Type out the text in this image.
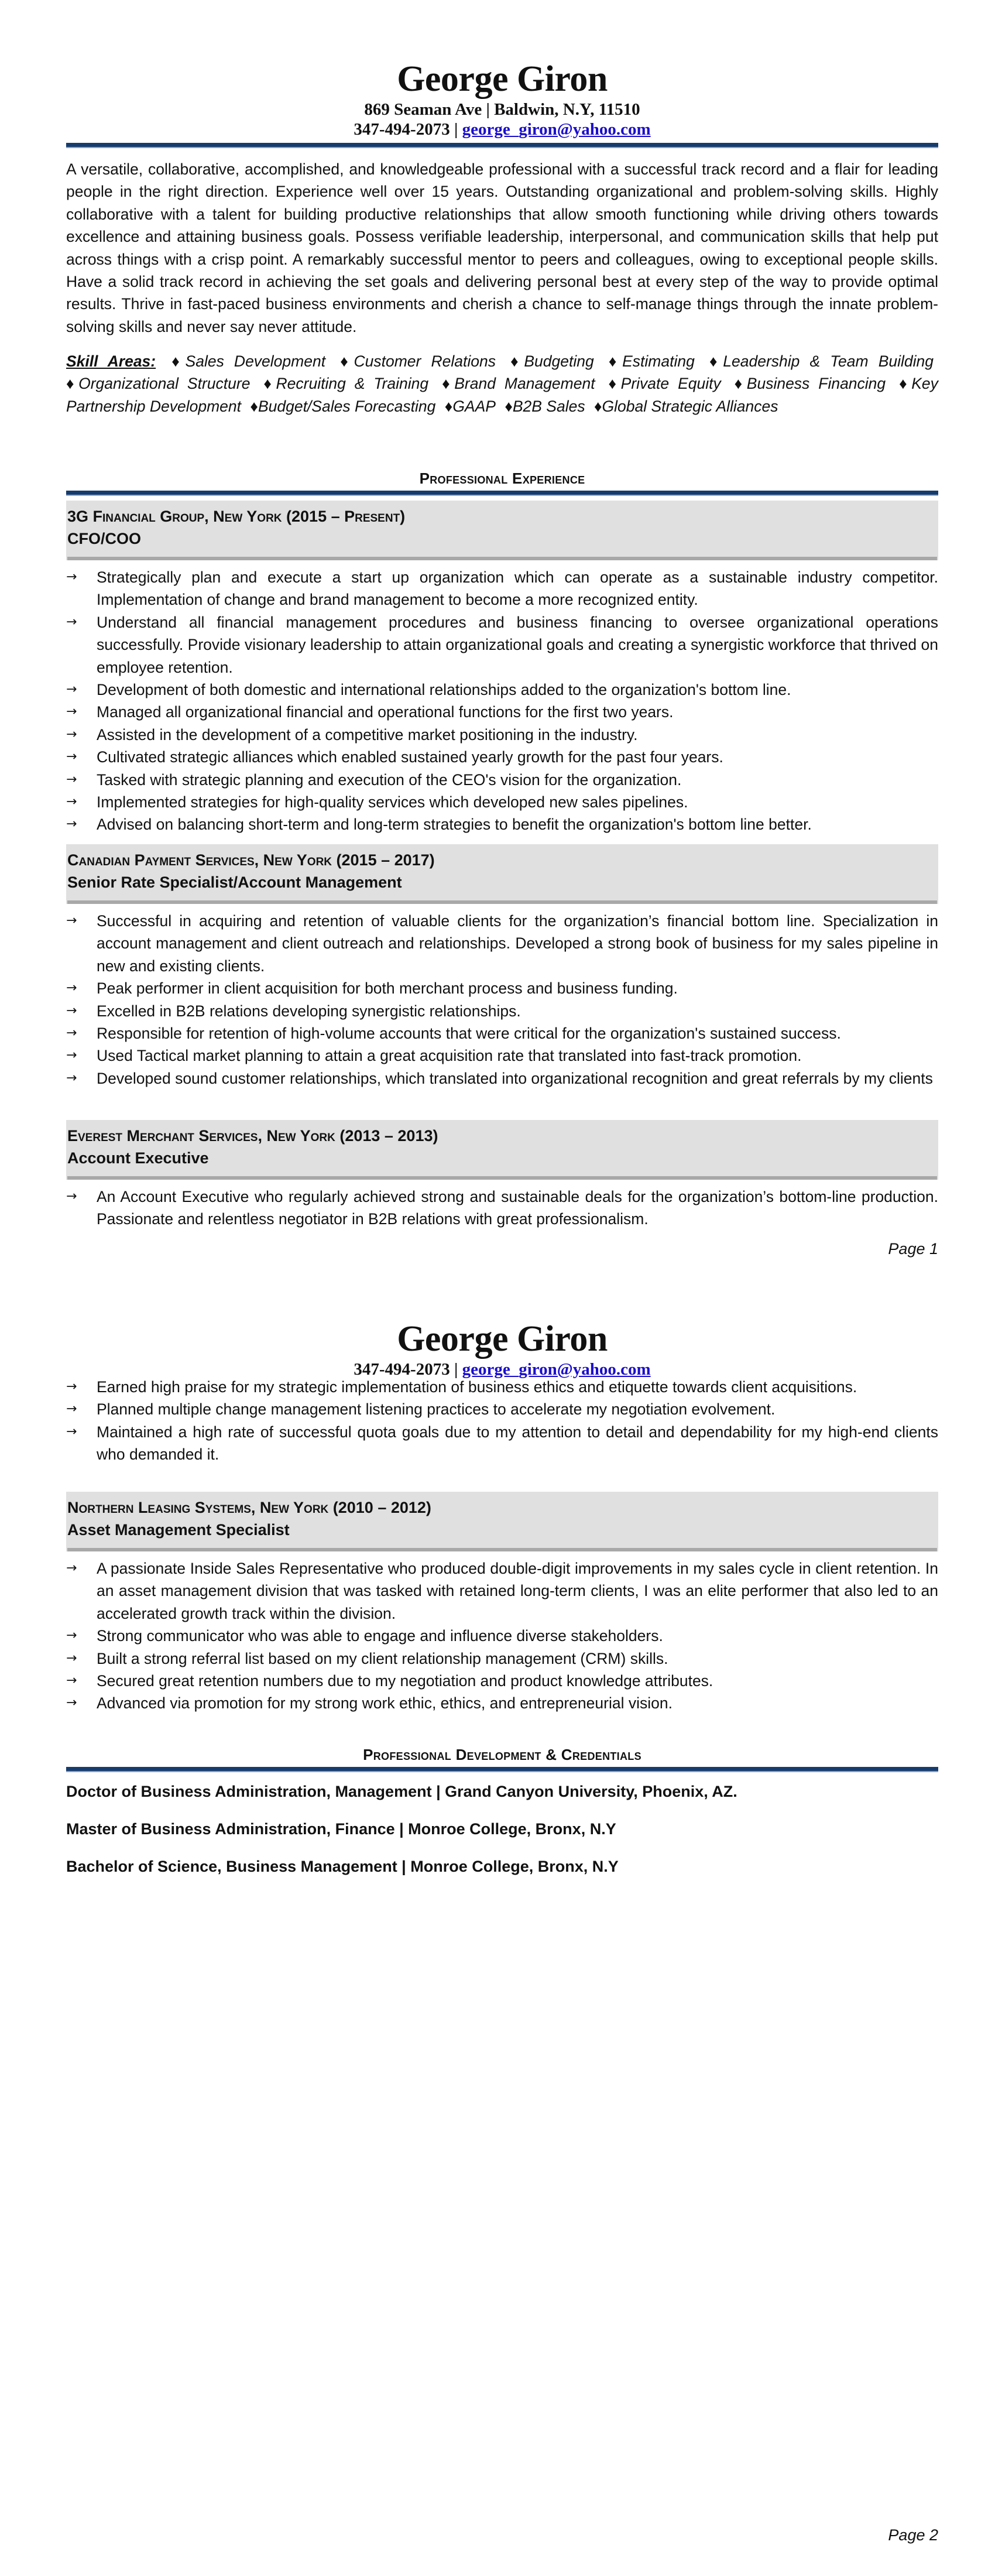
George Giron
869 Seaman Ave | Baldwin, N.Y, 11510
347-494-2073 | george_giron@yahoo.com

A versatile, collaborative, accomplished, and knowledgeable professional with a successful track record and a flair for leading people in the right direction. Experience well over 15 years. Outstanding organizational and problem-solving skills. Highly collaborative with a talent for building productive relationships that allow smooth functioning while driving others towards excellence and attaining business goals. Possess verifiable leadership, interpersonal, and communication skills that help put across things with a crisp point. A remarkably successful mentor to peers and colleagues, owing to exceptional people skills. Have a solid track record in achieving the set goals and delivering personal best at every step of the way to provide optimal results. Thrive in fast-paced business environments and cherish a chance to self-manage things through the innate problem-solving skills and never say never attitude.

Skill Areas: ♦Sales Development ♦Customer Relations ♦Budgeting ♦Estimating ♦Leadership & Team Building ♦Organizational Structure ♦Recruiting & Training ♦Brand Management ♦Private Equity ♦Business Financing ♦Key Partnership Development ♦Budget/Sales Forecasting ♦GAAP ♦B2B Sales ♦Global Strategic Alliances

Professional Experience
3G Financial Group, New York (2015 – Present)
CFO/COO
→ Strategically plan and execute a start up organization which can operate as a sustainable industry competitor. Implementation of change and brand management to become a more recognized entity.
→ Understand all financial management procedures and business financing to oversee organizational operations successfully. Provide visionary leadership to attain organizational goals and creating a synergistic workforce that thrived on employee retention.
→ Development of both domestic and international relationships added to the organization's bottom line.
→ Managed all organizational financial and operational functions for the first two years.
→ Assisted in the development of a competitive market positioning in the industry.
→ Cultivated strategic alliances which enabled sustained yearly growth for the past four years.
→ Tasked with strategic planning and execution of the CEO's vision for the organization.
→ Implemented strategies for high-quality services which developed new sales pipelines.
→ Advised on balancing short-term and long-term strategies to benefit the organization's bottom line better.
Canadian Payment Services, New York (2015 – 2017)
Senior Rate Specialist/Account Management
→ Successful in acquiring and retention of valuable clients for the organization’s financial bottom line. Specialization in account management and client outreach and relationships. Developed a strong book of business for my sales pipeline in new and existing clients.
→ Peak performer in client acquisition for both merchant process and business funding.
→ Excelled in B2B relations developing synergistic relationships.
→ Responsible for retention of high-volume accounts that were critical for the organization's sustained success.
→ Used Tactical market planning to attain a great acquisition rate that translated into fast-track promotion.
→ Developed sound customer relationships, which translated into organizational recognition and great referrals by my clients
Everest Merchant Services, New York (2013 – 2013)
Account Executive
→ An Account Executive who regularly achieved strong and sustainable deals for the organization’s bottom-line production. Passionate and relentless negotiator in B2B relations with great professionalism.
Page 1
George Giron
347-494-2073 | george_giron@yahoo.com
→ Earned high praise for my strategic implementation of business ethics and etiquette towards client acquisitions.
→ Planned multiple change management listening practices to accelerate my negotiation evolvement.
→ Maintained a high rate of successful quota goals due to my attention to detail and dependability for my high-end clients who demanded it.
Northern Leasing Systems, New York (2010 – 2012)
Asset Management Specialist
→ A passionate Inside Sales Representative who produced double-digit improvements in my sales cycle in client retention. In an asset management division that was tasked with retained long-term clients, I was an elite performer that also led to an accelerated growth track within the division.
→ Strong communicator who was able to engage and influence diverse stakeholders.
→ Built a strong referral list based on my client relationship management (CRM) skills.
→ Secured great retention numbers due to my negotiation and product knowledge attributes.
→ Advanced via promotion for my strong work ethic, ethics, and entrepreneurial vision.
Professional Development & Credentials

Doctor of Business Administration, Management | Grand Canyon University, Phoenix, AZ.

Master of Business Administration, Finance | Monroe College, Bronx, N.Y

Bachelor of Science, Business Management | Monroe College, Bronx, N.Y

Page 2
